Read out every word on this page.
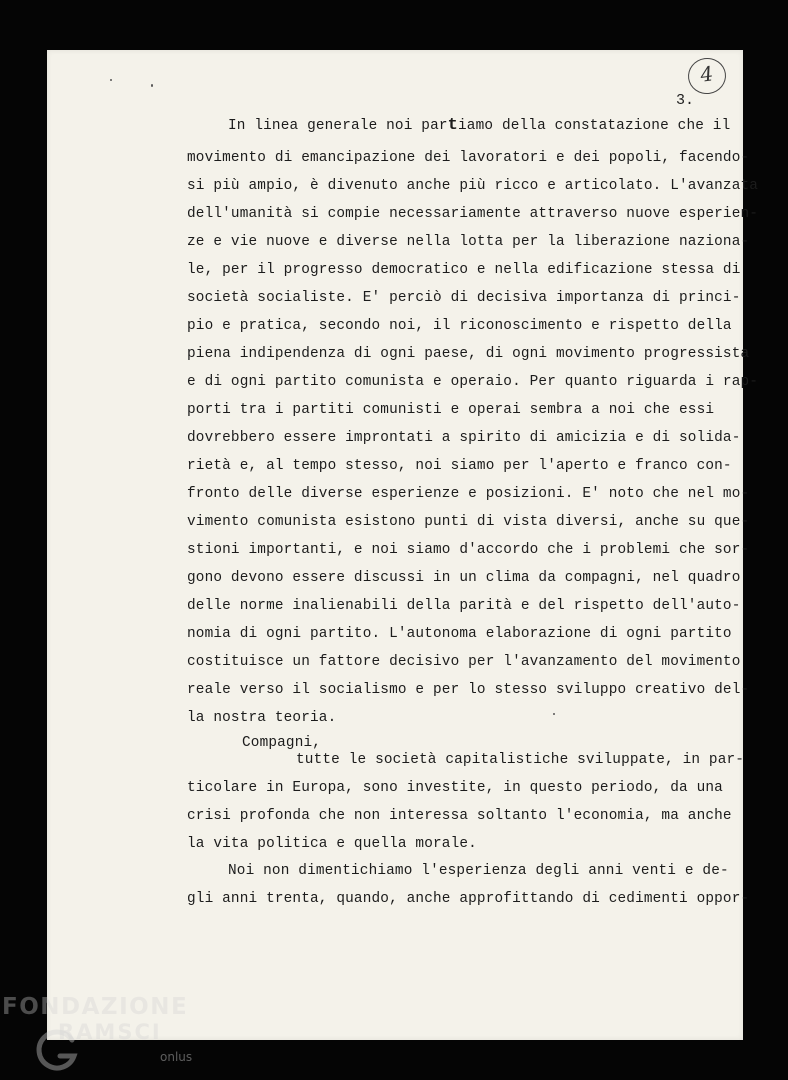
4
3.
In linea generale noi partiamo della constatazione che il
movimento di emancipazione dei lavoratori e dei popoli, facendo-
si più ampio, è divenuto anche più ricco e articolato. L'avanzata
dell'umanità si compie necessariamente attraverso nuove esperien-
ze e vie nuove e diverse nella lotta per la liberazione naziona-
le, per il progresso democratico e nella edificazione stessa di
società socialiste. E' perciò di decisiva importanza di princi-
pio e pratica, secondo noi, il riconoscimento e rispetto della
piena indipendenza di ogni paese, di ogni movimento progressista
e di ogni partito comunista e operaio. Per quanto riguarda i rap-
porti tra i partiti comunisti e operai sembra a noi che essi
dovrebbero essere improntati a spirito di amicizia e di solida-
rietà e, al tempo stesso, noi siamo per l'aperto e franco con-
fronto delle diverse esperienze e posizioni. E' noto che nel mo-
vimento comunista esistono punti di vista diversi, anche su que-
stioni importanti, e noi siamo d'accordo che i problemi che sor-
gono devono essere discussi in un clima da compagni, nel quadro
delle norme inalienabili della parità e del rispetto dell'auto-
nomia di ogni partito. L'autonoma elaborazione di ogni partito
costituisce un fattore decisivo per l'avanzamento del movimento
reale verso il socialismo e per lo stesso sviluppo creativo del-
la nostra teoria.
Compagni,
tutte le società capitalistiche sviluppate, in par-
ticolare in Europa, sono investite, in questo periodo, da una
crisi profonda che non interessa soltanto l'economia, ma anche
la vita politica e quella morale.
Noi non dimentichiamo l'esperienza degli anni venti e de-
gli anni trenta, quando, anche approfittando di cedimenti oppor-
FONDAZIONE
RAMSCI
onlus
